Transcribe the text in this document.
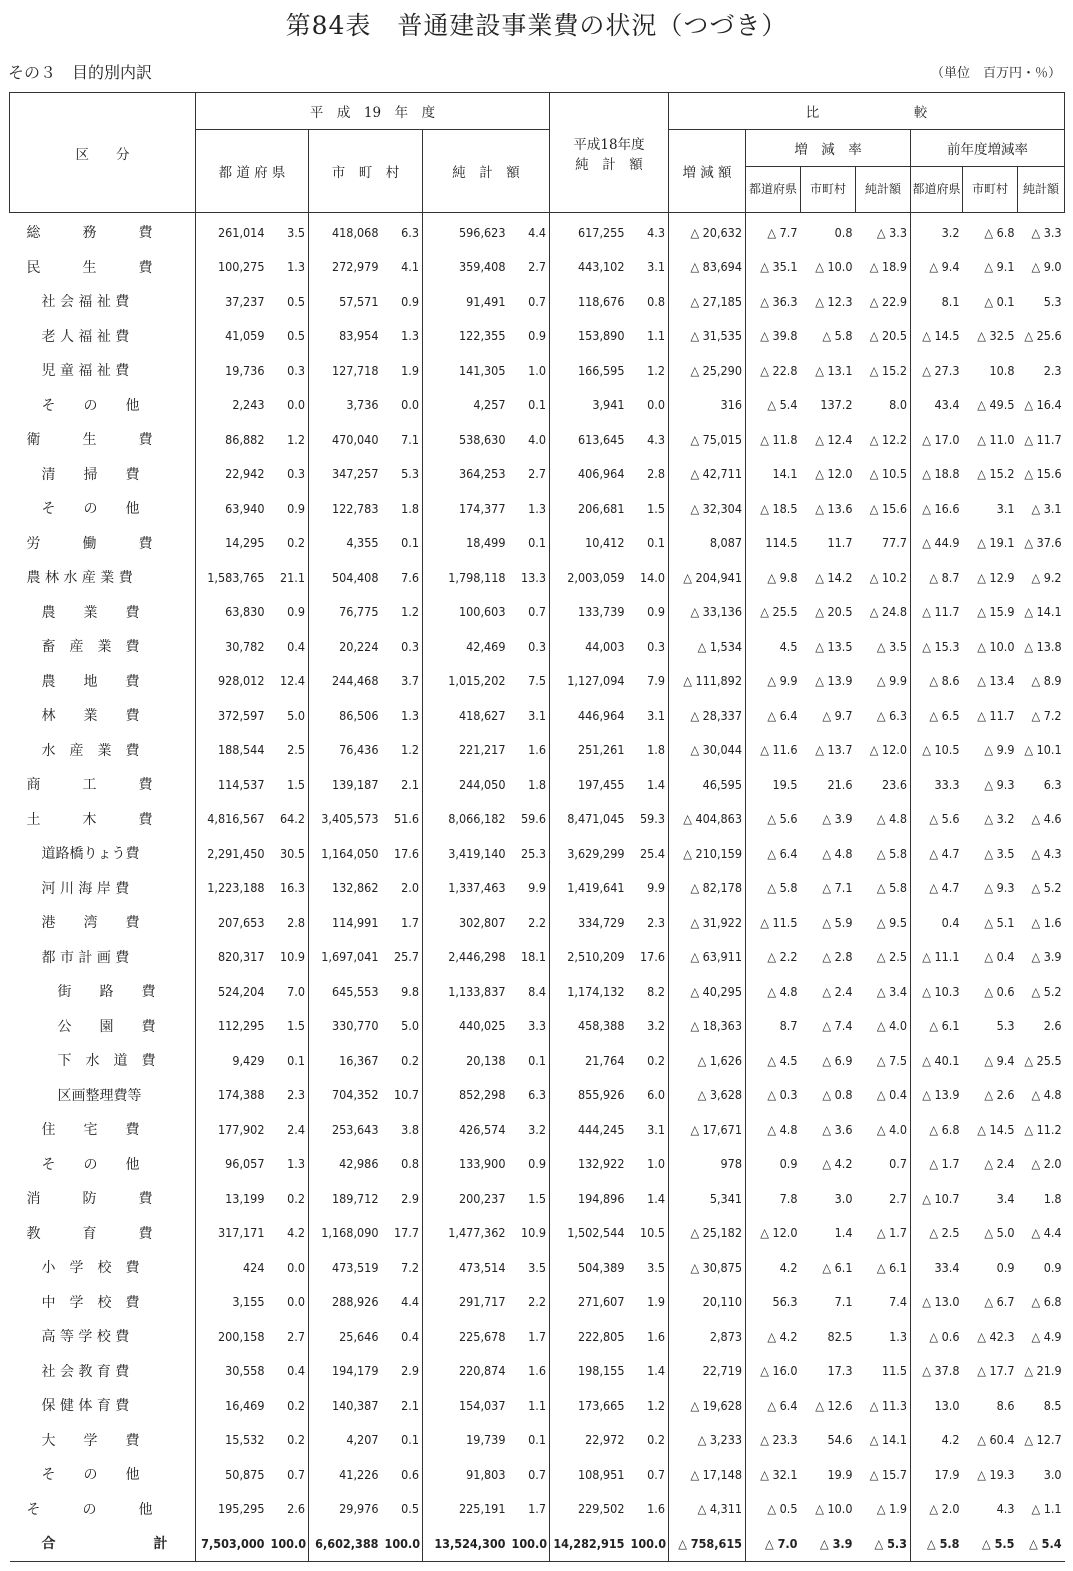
第84表　普通建設事業費の状況（つづき）
その３　目的別内訳	（単位　百万円・％）
区　　分	平　成　19　年　度						平成18年度
純　計　額		比　　　　　　　較						
	都 道 府 県		市　町　村		純　計　額				増 減 額	増　減　率			前年度増減率		
										都道府県	市町村	純計額	都道府県	市町村	純計額

総　　　務　　　費	261,014	3.5	418,068	6.3	596,623	4.4	617,255	4.3	△ 20,632	△ 7.7	0.8	△ 3.3	3.2	△ 6.8	△ 3.3

民　　　生　　　費	100,275	1.3	272,979	4.1	359,408	2.7	443,102	3.1	△ 83,694	△ 35.1	△ 10.0	△ 18.9	△ 9.4	△ 9.1	△ 9.0

社 会 福 祉 費	37,237	0.5	57,571	0.9	91,491	0.7	118,676	0.8	△ 27,185	△ 36.3	△ 12.3	△ 22.9	8.1	△ 0.1	5.3

老 人 福 祉 費	41,059	0.5	83,954	1.3	122,355	0.9	153,890	1.1	△ 31,535	△ 39.8	△ 5.8	△ 20.5	△ 14.5	△ 32.5	△ 25.6

児 童 福 祉 費	19,736	0.3	127,718	1.9	141,305	1.0	166,595	1.2	△ 25,290	△ 22.8	△ 13.1	△ 15.2	△ 27.3	10.8	2.3

そ　　の　　他	2,243	0.0	3,736	0.0	4,257	0.1	3,941	0.0	316	△ 5.4	137.2	8.0	43.4	△ 49.5	△ 16.4

衛　　　生　　　費	86,882	1.2	470,040	7.1	538,630	4.0	613,645	4.3	△ 75,015	△ 11.8	△ 12.4	△ 12.2	△ 17.0	△ 11.0	△ 11.7

清　　掃　　費	22,942	0.3	347,257	5.3	364,253	2.7	406,964	2.8	△ 42,711	14.1	△ 12.0	△ 10.5	△ 18.8	△ 15.2	△ 15.6

そ　　の　　他	63,940	0.9	122,783	1.8	174,377	1.3	206,681	1.5	△ 32,304	△ 18.5	△ 13.6	△ 15.6	△ 16.6	3.1	△ 3.1

労　　　働　　　費	14,295	0.2	4,355	0.1	18,499	0.1	10,412	0.1	8,087	114.5	11.7	77.7	△ 44.9	△ 19.1	△ 37.6

農 林 水 産 業 費	1,583,765	21.1	504,408	7.6	1,798,118	13.3	2,003,059	14.0	△ 204,941	△ 9.8	△ 14.2	△ 10.2	△ 8.7	△ 12.9	△ 9.2

農　　業　　費	63,830	0.9	76,775	1.2	100,603	0.7	133,739	0.9	△ 33,136	△ 25.5	△ 20.5	△ 24.8	△ 11.7	△ 15.9	△ 14.1

畜　産　業　費	30,782	0.4	20,224	0.3	42,469	0.3	44,003	0.3	△ 1,534	4.5	△ 13.5	△ 3.5	△ 15.3	△ 10.0	△ 13.8

農　　地　　費	928,012	12.4	244,468	3.7	1,015,202	7.5	1,127,094	7.9	△ 111,892	△ 9.9	△ 13.9	△ 9.9	△ 8.6	△ 13.4	△ 8.9

林　　業　　費	372,597	5.0	86,506	1.3	418,627	3.1	446,964	3.1	△ 28,337	△ 6.4	△ 9.7	△ 6.3	△ 6.5	△ 11.7	△ 7.2

水　産　業　費	188,544	2.5	76,436	1.2	221,217	1.6	251,261	1.8	△ 30,044	△ 11.6	△ 13.7	△ 12.0	△ 10.5	△ 9.9	△ 10.1

商　　　工　　　費	114,537	1.5	139,187	2.1	244,050	1.8	197,455	1.4	46,595	19.5	21.6	23.6	33.3	△ 9.3	6.3

土　　　木　　　費	4,816,567	64.2	3,405,573	51.6	8,066,182	59.6	8,471,045	59.3	△ 404,863	△ 5.6	△ 3.9	△ 4.8	△ 5.6	△ 3.2	△ 4.6

道路橋りょう費	2,291,450	30.5	1,164,050	17.6	3,419,140	25.3	3,629,299	25.4	△ 210,159	△ 6.4	△ 4.8	△ 5.8	△ 4.7	△ 3.5	△ 4.3

河 川 海 岸 費	1,223,188	16.3	132,862	2.0	1,337,463	9.9	1,419,641	9.9	△ 82,178	△ 5.8	△ 7.1	△ 5.8	△ 4.7	△ 9.3	△ 5.2

港　　湾　　費	207,653	2.8	114,991	1.7	302,807	2.2	334,729	2.3	△ 31,922	△ 11.5	△ 5.9	△ 9.5	0.4	△ 5.1	△ 1.6

都 市 計 画 費	820,317	10.9	1,697,041	25.7	2,446,298	18.1	2,510,209	17.6	△ 63,911	△ 2.2	△ 2.8	△ 2.5	△ 11.1	△ 0.4	△ 3.9

街　　路　　費	524,204	7.0	645,553	9.8	1,133,837	8.4	1,174,132	8.2	△ 40,295	△ 4.8	△ 2.4	△ 3.4	△ 10.3	△ 0.6	△ 5.2

公　　園　　費	112,295	1.5	330,770	5.0	440,025	3.3	458,388	3.2	△ 18,363	8.7	△ 7.4	△ 4.0	△ 6.1	5.3	2.6

下　水　道　費	9,429	0.1	16,367	0.2	20,138	0.1	21,764	0.2	△ 1,626	△ 4.5	△ 6.9	△ 7.5	△ 40.1	△ 9.4	△ 25.5

区画整理費等	174,388	2.3	704,352	10.7	852,298	6.3	855,926	6.0	△ 3,628	△ 0.3	△ 0.8	△ 0.4	△ 13.9	△ 2.6	△ 4.8

住　　宅　　費	177,902	2.4	253,643	3.8	426,574	3.2	444,245	3.1	△ 17,671	△ 4.8	△ 3.6	△ 4.0	△ 6.8	△ 14.5	△ 11.2

そ　　の　　他	96,057	1.3	42,986	0.8	133,900	0.9	132,922	1.0	978	0.9	△ 4.2	0.7	△ 1.7	△ 2.4	△ 2.0

消　　　防　　　費	13,199	0.2	189,712	2.9	200,237	1.5	194,896	1.4	5,341	7.8	3.0	2.7	△ 10.7	3.4	1.8

教　　　育　　　費	317,171	4.2	1,168,090	17.7	1,477,362	10.9	1,502,544	10.5	△ 25,182	△ 12.0	1.4	△ 1.7	△ 2.5	△ 5.0	△ 4.4

小　学　校　費	424	0.0	473,519	7.2	473,514	3.5	504,389	3.5	△ 30,875	4.2	△ 6.1	△ 6.1	33.4	0.9	0.9

中　学　校　費	3,155	0.0	288,926	4.4	291,717	2.2	271,607	1.9	20,110	56.3	7.1	7.4	△ 13.0	△ 6.7	△ 6.8

高 等 学 校 費	200,158	2.7	25,646	0.4	225,678	1.7	222,805	1.6	2,873	△ 4.2	82.5	1.3	△ 0.6	△ 42.3	△ 4.9

社 会 教 育 費	30,558	0.4	194,179	2.9	220,874	1.6	198,155	1.4	22,719	△ 16.0	17.3	11.5	△ 37.8	△ 17.7	△ 21.9

保 健 体 育 費	16,469	0.2	140,387	2.1	154,037	1.1	173,665	1.2	△ 19,628	△ 6.4	△ 12.6	△ 11.3	13.0	8.6	8.5

大　　学　　費	15,532	0.2	4,207	0.1	19,739	0.1	22,972	0.2	△ 3,233	△ 23.3	54.6	△ 14.1	4.2	△ 60.4	△ 12.7

そ　　の　　他	50,875	0.7	41,226	0.6	91,803	0.7	108,951	0.7	△ 17,148	△ 32.1	19.9	△ 15.7	17.9	△ 19.3	3.0

そ　　　の　　　他	195,295	2.6	29,976	0.5	225,191	1.7	229,502	1.6	△ 4,311	△ 0.5	△ 10.0	△ 1.9	△ 2.0	4.3	△ 1.1

合　　　　　　　計	7,503,000	100.0	6,602,388	100.0	13,524,300	100.0	14,282,915	100.0	△ 758,615	△ 7.0	△ 3.9	△ 5.3	△ 5.8	△ 5.5	△ 5.4
